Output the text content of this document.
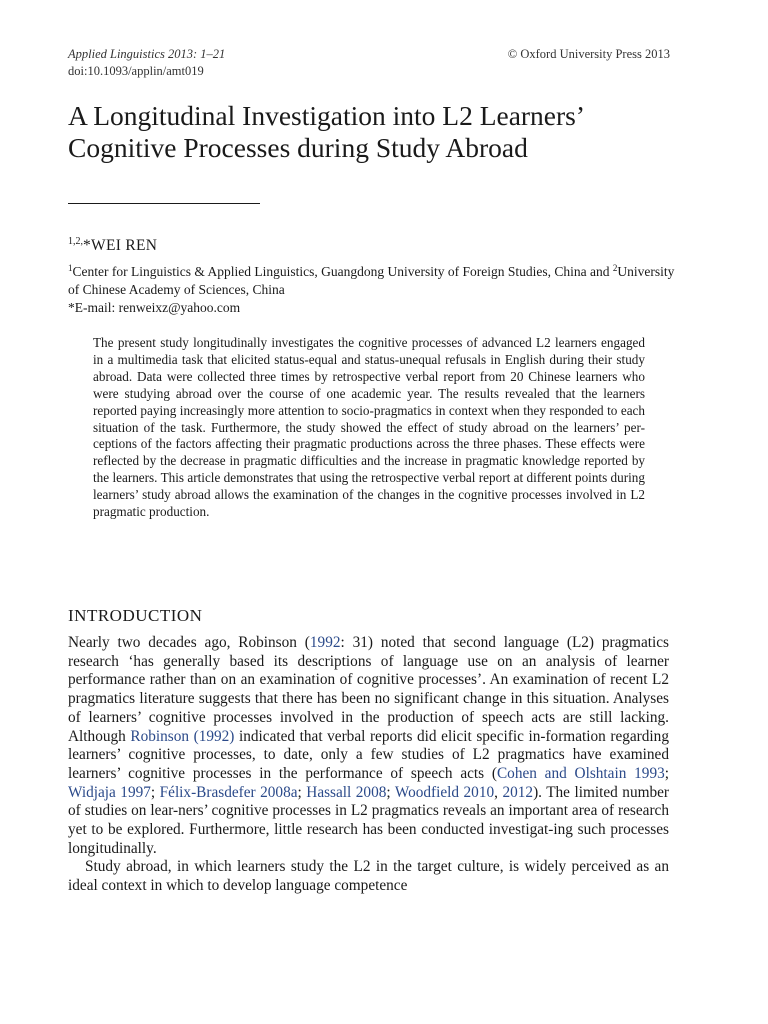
Applied Linguistics 2013: 1–21
doi:10.1093/applin/amt019
© Oxford University Press 2013
A Longitudinal Investigation into L2 Learners’ Cognitive Processes during Study Abroad
$^{1,2,}$*WEI REN
$^1$Center for Linguistics & Applied Linguistics, Guangdong University of Foreign Studies, China and $^2$University of Chinese Academy of Sciences, China
*E-mail: renweixz@yahoo.com

The present study longitudinally investigates the cognitive processes of advanced L2 learners engaged in a multimedia task that elicited status-equal and status-unequal refusals in English during their study abroad. Data were collected three times by retrospective verbal report from 20 Chinese learners who were studying abroad over the course of one academic year. The results revealed that the learners reported paying increasingly more attention to socio-pragmatics in context when they responded to each situation of the task. Furthermore, the study showed the effect of study abroad on the learners’ per-ceptions of the factors affecting their pragmatic productions across the three phases. These effects were reflected by the decrease in pragmatic difficulties and the increase in pragmatic knowledge reported by the learners. This article demonstrates that using the retrospective verbal report at different points during learners’ study abroad allows the examination of the changes in the cognitive processes involved in L2 pragmatic production.

INTRODUCTION

Nearly two decades ago, Robinson (1992: 31) noted that second language (L2) pragmatics research ‘has generally based its descriptions of language use on an analysis of learner performance rather than on an examination of cognitive processes’. An examination of recent L2 pragmatics literature suggests that there has been no significant change in this situation. Analyses of learners’ cognitive processes involved in the production of speech acts are still lacking. Although Robinson (1992) indicated that verbal reports did elicit specific in-formation regarding learners’ cognitive processes, to date, only a few studies of L2 pragmatics have examined learners’ cognitive processes in the performance of speech acts (Cohen and Olshtain 1993; Widjaja 1997; Félix-Brasdefer 2008a; Hassall 2008; Woodfield 2010, 2012). The limited number of studies on lear-ners’ cognitive processes in L2 pragmatics reveals an important area of research yet to be explored. Furthermore, little research has been conducted investigat-ing such processes longitudinally.

Study abroad, in which learners study the L2 in the target culture, is widely perceived as an ideal context in which to develop language competence
